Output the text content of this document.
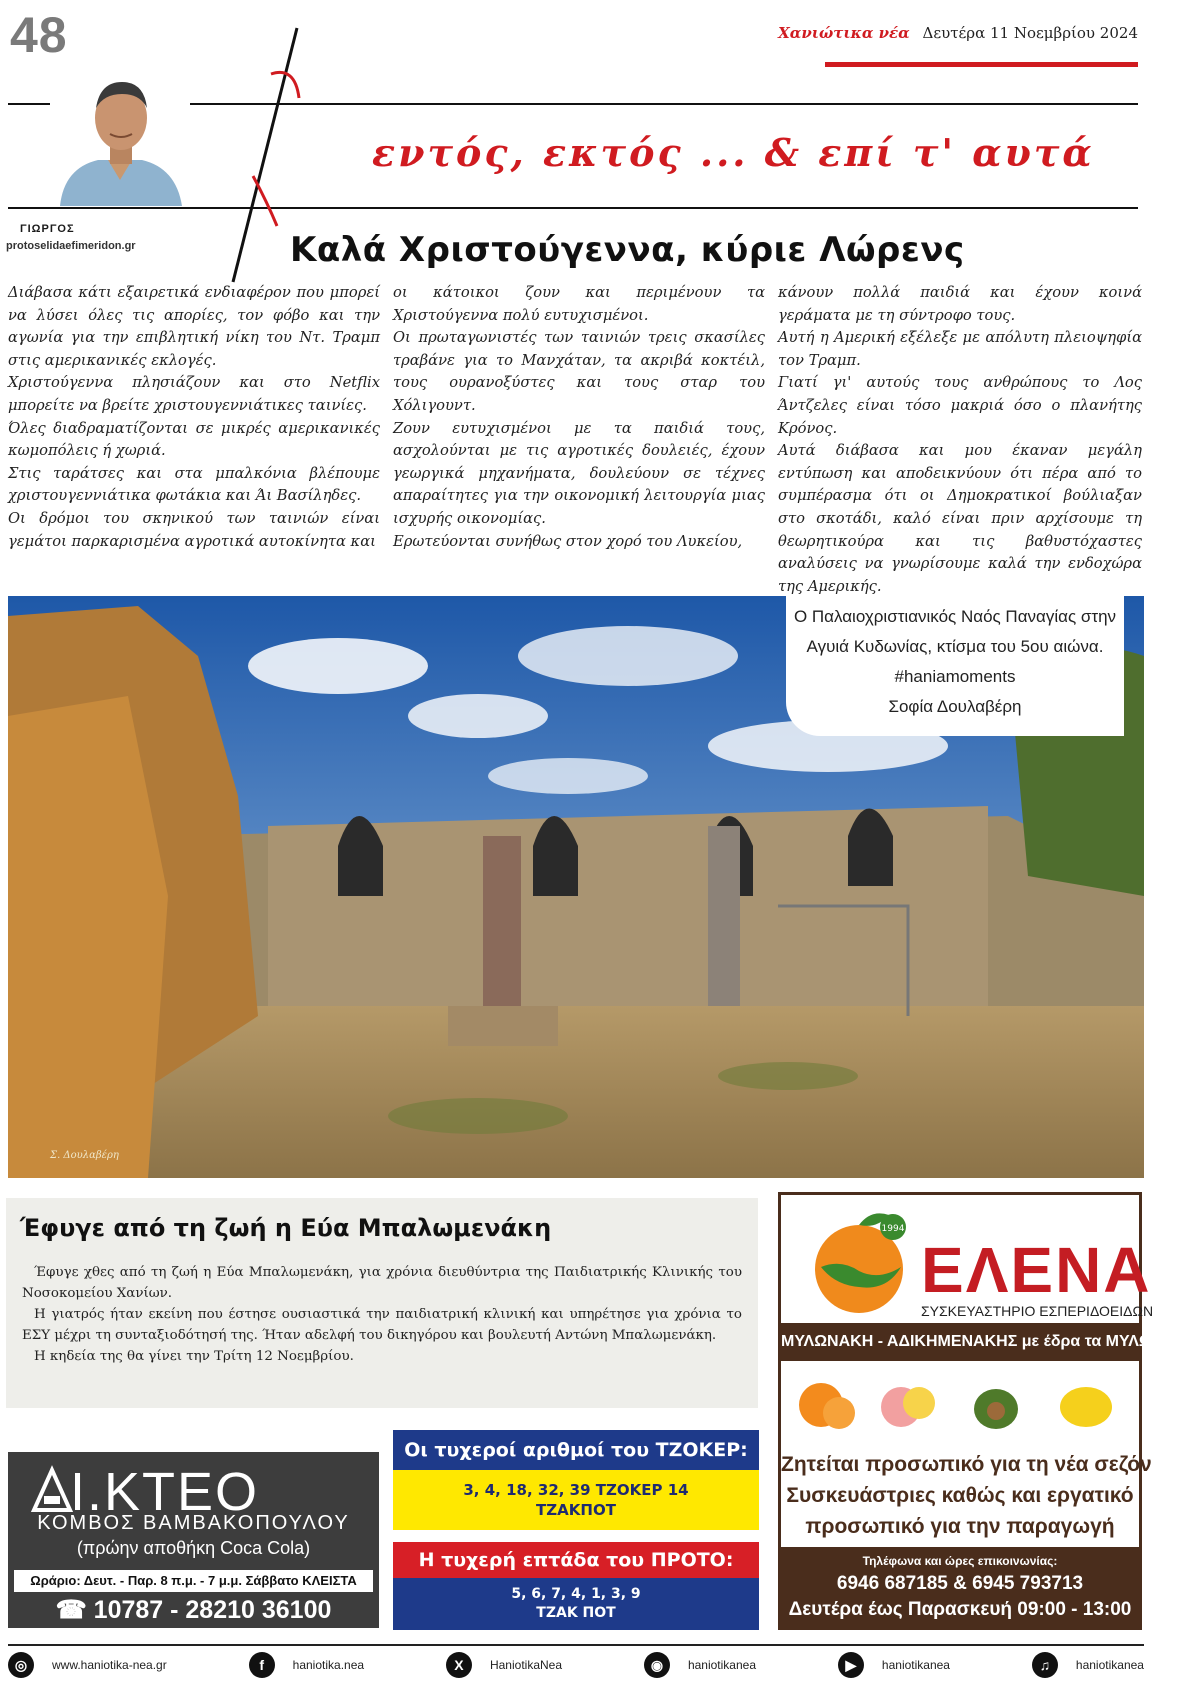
48	Χανιώτικα νέα Δευτέρα 11 Νοεμβρίου 2024
ΓΙΩΡΓΟΣ
protoselidaefimeridon.gr
εντός, εκτός ... & επί τ' αυτά
Καλά Χριστούγεννα, κύριε Λώρενς

Διάβασα κάτι εξαιρετικά ενδιαφέρον που μπορεί να λύσει όλες τις απορίες, τον φόβο και την αγωνία για την επιβλητική νίκη του Ντ. Τραμπ στις αμερικανικές εκλογές.

Χριστούγεννα πλησιάζουν και στο Netflix μπορείτε να βρείτε χριστουγεννιάτικες ταινίες.

Όλες διαδραματίζονται σε μικρές αμερικανικές κωμοπόλεις ή χωριά.

Στις ταράτσες και στα μπαλκόνια βλέπουμε χριστουγεννιάτικα φωτάκια και Άι Βασίληδες.

Οι δρόμοι του σκηνικού των ταινιών είναι γεμάτοι παρκαρισμένα αγροτικά αυτοκίνητα και

οι κάτοικοι ζουν και περιμένουν τα Χριστούγεννα πολύ ευτυχισμένοι.

Οι πρωταγωνιστές των ταινιών τρεις σκασίλες τραβάνε για το Μανχάταν, τα ακριβά κοκτέιλ, τους ουρανοξύστες και τους σταρ του Χόλιγουντ.

Ζουν ευτυχισμένοι με τα παιδιά τους, ασχολούνται με τις αγροτικές δουλειές, έχουν γεωργικά μηχανήματα, δουλεύουν σε τέχνες απαραίτητες για την οικονομική λειτουργία μιας ισχυρής οικονομίας.

Ερωτεύονται συνήθως στον χορό του Λυκείου,

κάνουν πολλά παιδιά και έχουν κοινά γεράματα με τη σύντροφο τους.

Αυτή η Αμερική εξέλεξε με απόλυτη πλειοψηφία τον Τραμπ.

Γιατί γι' αυτούς τους ανθρώπους το Λος Άντζελες είναι τόσο μακριά όσο ο πλανήτης Κρόνος.

Αυτά διάβασα και μου έκαναν μεγάλη εντύπωση και αποδεικνύουν ότι πέρα από το συμπέρασμα ότι οι Δημοκρατικοί βούλιαξαν στο σκοτάδι, καλό είναι πριν αρχίσουμε τη θεωρητικούρα και τις βαθυστόχαστες αναλύσεις να γνωρίσουμε καλά την ενδοχώρα της Αμερικής.

Ο Παλαιοχριστιανικός Ναός Παναγίας στην
Αγυιά Κυδωνίας, κτίσμα του 5ου αιώνα.
#haniamoments
Σοφία Δουλαβέρη
Σ. Δουλαβέρη
Έφυγε από τη ζωή η Εύα Μπαλωμενάκη

Έφυγε χθες από τη ζωή η Εύα Μπαλωμενάκη, για χρόνια διευθύντρια της Παιδιατρικής Κλινικής του Νοσοκομείου Χανίων.

Η γιατρός ήταν εκείνη που έστησε ουσιαστικά την παιδιατρική κλινική και υπηρέτησε για χρόνια το ΕΣΥ μέχρι τη συνταξιοδότησή της. Ήταν αδελφή του δικηγόρου και βουλευτή Αντώνη Μπαλωμενάκη.

Η κηδεία της θα γίνει την Τρίτη 12 Νοεμβρίου.

1994
ΕΛΕΝΑ
ΣΥΣΚΕΥΑΣΤΗΡΙΟ ΕΣΠΕΡΙΔΟΕΙΔΩΝ
ΜΥΛΩΝΑΚΗ - ΑΔΙΚΗΜΕΝΑΚΗΣ με έδρα τα ΜΥΛΩΝΙΑΝΑ
Ζητείται προσωπικό για τη νέα σεζόν
Συσκευάστριες καθώς και εργατικό
προσωπικό για την παραγωγή
Τηλέφωνα και ώρες επικοινωνίας:
6946 687185 & 6945 793713
Δευτέρα έως Παρασκευή 09:00 - 13:00
Ι.ΚΤΕΟ
ΚΟΜΒΟΣ ΒΑΜΒΑΚΟΠΟΥΛΟΥ
(πρώην αποθήκη Coca Cola)
Ωράριο: Δευτ. - Παρ. 8 π.μ. - 7 μ.μ. Σάββατο ΚΛΕΙΣΤΑ
☎ 10787 - 28210 36100
Οι τυχεροί αριθμοί του ΤΖΟΚΕΡ:
3, 4, 18, 32, 39 ΤΖΟΚΕΡ 14
ΤΖΑΚΠΟΤ
Η τυχερή επτάδα του ΠΡΟΤΟ:
5, 6, 7, 4, 1, 3, 9
ΤΖΑΚ ΠΟΤ
◎	www.haniotika-nea.gr	f	haniotika.nea	X	HaniotikaNea	◉	haniotikanea	▶	haniotikanea	♫	haniotikanea
